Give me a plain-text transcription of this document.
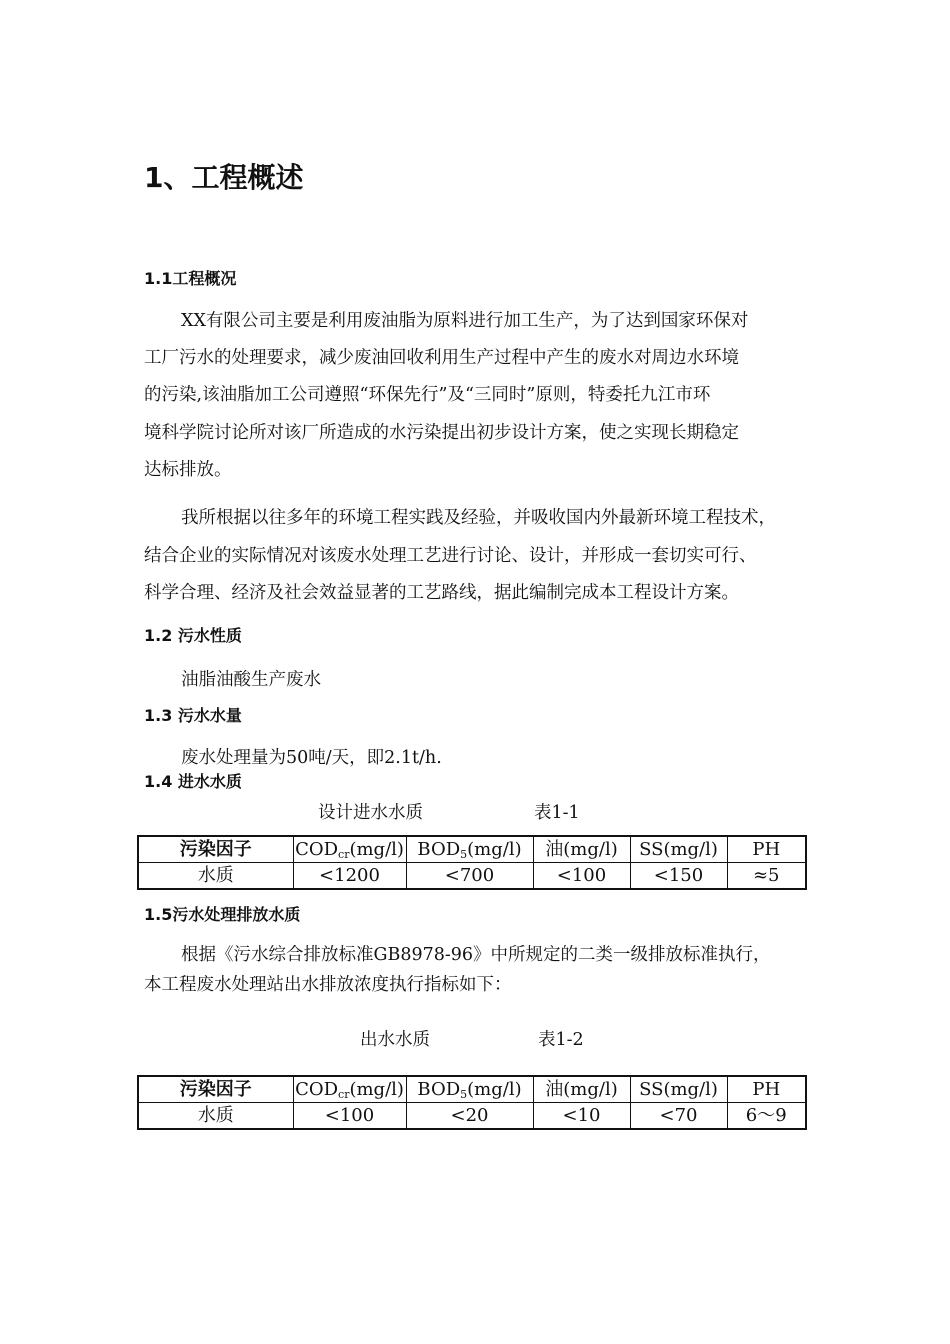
1、工程概述
1.1工程概况
XX有限公司主要是利用废油脂为原料进行加工生产，为了达到国家环保对
工厂污水的处理要求，减少废油回收利用生产过程中产生的废水对周边水环境
的污染,该油脂加工公司遵照“环保先行”及“三同时”原则，特委托九江市环
境科学院讨论所对该厂所造成的水污染提出初步设计方案，使之实现长期稳定
达标排放。
我所根据以往多年的环境工程实践及经验，并吸收国内外最新环境工程技术，
结合企业的实际情况对该废水处理工艺进行讨论、设计，并形成一套切实可行、
科学合理、经济及社会效益显著的工艺路线，据此编制完成本工程设计方案。
1.2 污水性质
油脂油酸生产废水
1.3 污水水量
废水处理量为50吨/天，即2.1t/h.
1.4 进水水质
设计进水水质	表1-1
污染因子	$COD_{cr}(mg/l)$	$BOD_5(mg/l)$	油(mg/l)	SS(mg/l)	PH
水质	<1200	<700	<100	<150	≈5
1.5污水处理排放水质
根据《污水综合排放标准GB8978-96》中所规定的二类一级排放标准执行，
本工程废水处理站出水排放浓度执行指标如下：
出水水质	表1-2
污染因子	$COD_{cr}(mg/l)$	$BOD_5(mg/l)$	油(mg/l)	SS(mg/l)	PH
水质	<100	<20	<10	<70	6～9
